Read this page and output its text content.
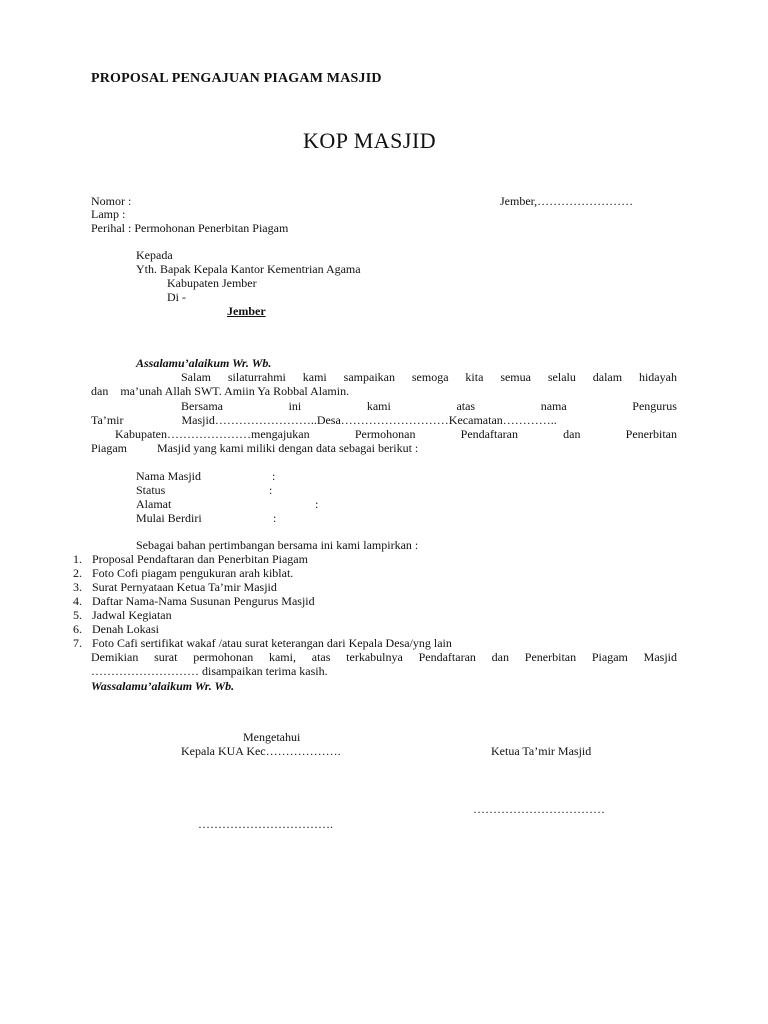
PROPOSAL PENGAJUAN PIAGAM MASJID
KOP MASJID
Nomor :	Jember,……………………
Lamp :
Perihal : Permohonan Penerbitan Piagam
Kepada
Yth. Bapak Kepala Kantor Kementrian Agama
Kabupaten Jember
Di -
Jember
Assalamu’alaikum Wr. Wb.
Salam silaturrahmi kami sampaikan semoga kita semua selalu dalam hidayah
dan    ma’unah Allah SWT. Amiin Ya Robbal Alamin.
Bersama	ini	kami	atas	nama	Pengurus
Ta’mir	Masjid……………………..Desa………………………Kecamatan…………..
Kabupaten…………………mengajukan	Permohonan	Pendaftaran	dan	Penerbitan
Piagam          Masjid yang kami miliki dengan data sebagai berikut :
Nama Masjid	:
Status	:
Alamat	:
Mulai Berdiri	:
Sebagai bahan pertimbangan bersama ini kami lampirkan :
1. Proposal Pendaftaran dan Penerbitan Piagam
2. Foto Cofi piagam pengukuran arah kiblat.
3. Surat Pernyataan Ketua Ta’mir Masjid
4. Daftar Nama-Nama Susunan Pengurus Masjid
5. Jadwal Kegiatan
6. Denah Lokasi
7. Foto Cafi sertifikat wakaf /atau surat keterangan dari Kepala Desa/yng lain
Demikian surat permohonan kami, atas terkabulnya Pendaftaran dan Penerbitan Piagam Masjid
……………………… disampaikan terima kasih.
Wassalamu’alaikum Wr. Wb.
Mengetahui
Kepala KUA Kec……………….	Ketua Ta’mir Masjid
……………………………
…………………………….
